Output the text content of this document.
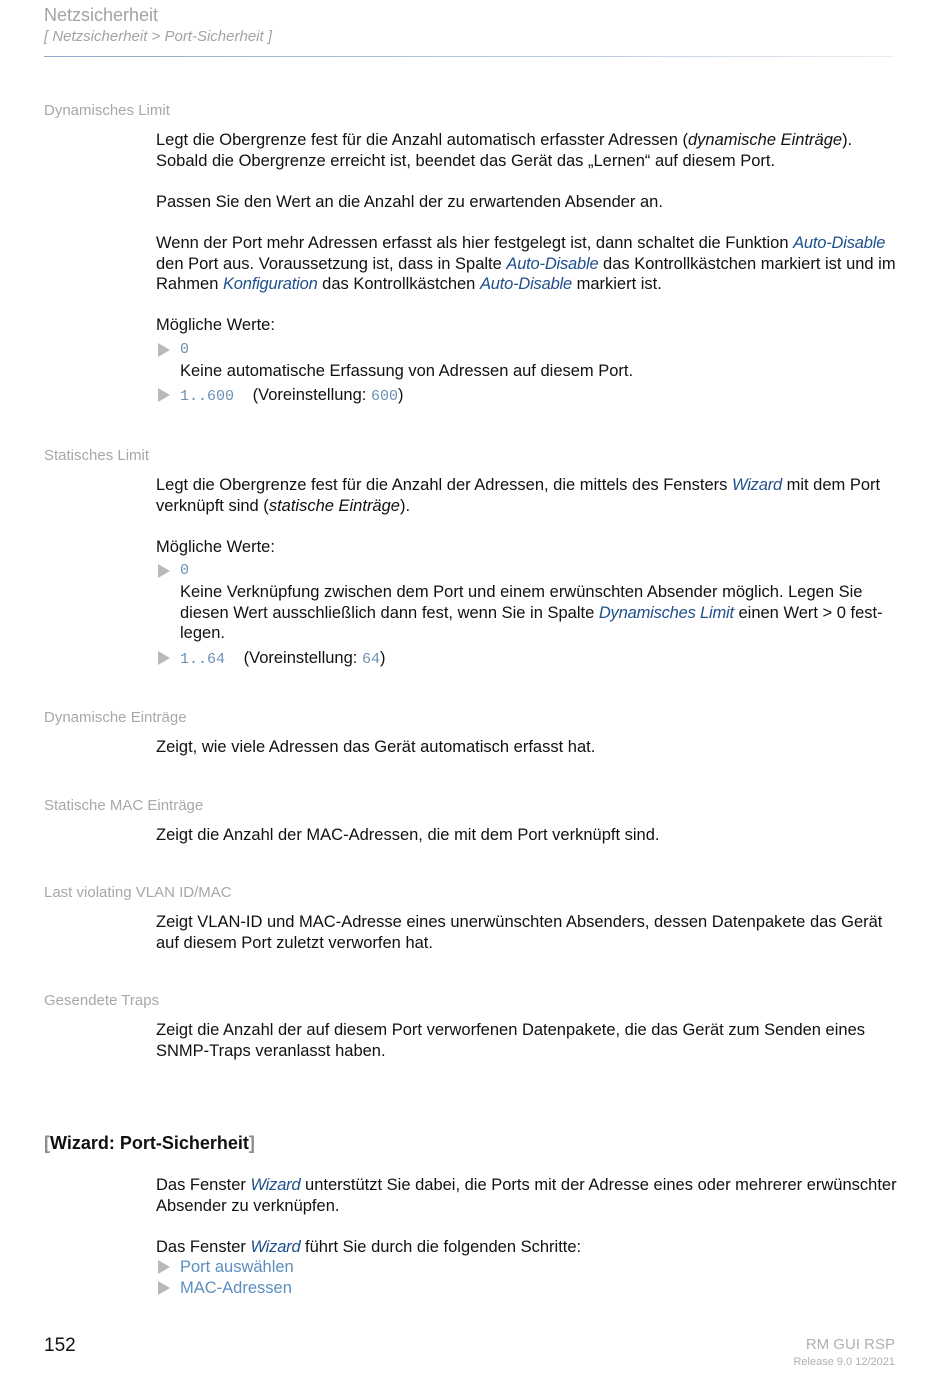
Netzsicherheit
[ Netzsicherheit > Port-Sicherheit ]
Dynamisches Limit

Legt die Obergrenze fest für die Anzahl automatisch erfasster Adressen (dynamische Einträge). Sobald die Obergrenze erreicht ist, beendet das Gerät das „Lernen“ auf diesem Port.

Passen Sie den Wert an die Anzahl der zu erwartenden Absender an.

Wenn der Port mehr Adressen erfasst als hier festgelegt ist, dann schaltet die Funktion Auto-Disable den Port aus. Voraussetzung ist, dass in Spalte Auto-Disable das Kontrollkästchen markiert ist und im Rahmen Konfiguration das Kontrollkästchen Auto-Disable markiert ist.

Mögliche Werte:

0
Keine automatische Erfassung von Adressen auf diesem Port.
1..600 (Voreinstellung: 600)
Statisches Limit

Legt die Obergrenze fest für die Anzahl der Adressen, die mittels des Fensters Wizard mit dem Port verknüpft sind (statische Einträge).

Mögliche Werte:

0
Keine Verknüpfung zwischen dem Port und einem erwünschten Absender möglich. Legen Sie diesen Wert ausschließlich dann fest, wenn Sie in Spalte Dynamisches Limit einen Wert > 0 fest-legen.
1..64 (Voreinstellung: 64)
Dynamische Einträge

Zeigt, wie viele Adressen das Gerät automatisch erfasst hat.

Statische MAC Einträge

Zeigt die Anzahl der MAC-Adressen, die mit dem Port verknüpft sind.

Last violating VLAN ID/MAC

Zeigt VLAN-ID und MAC-Adresse eines unerwünschten Absenders, dessen Datenpakete das Gerät auf diesem Port zuletzt verworfen hat.

Gesendete Traps

Zeigt die Anzahl der auf diesem Port verworfenen Datenpakete, die das Gerät zum Senden eines SNMP-Traps veranlasst haben.

[Wizard: Port-Sicherheit]

Das Fenster Wizard unterstützt Sie dabei, die Ports mit der Adresse eines oder mehrerer erwünschter Absender zu verknüpfen.

Das Fenster Wizard führt Sie durch die folgenden Schritte:

Port auswählen
MAC-Adressen
152	RM GUI RSP
Release 9.0 12/2021
